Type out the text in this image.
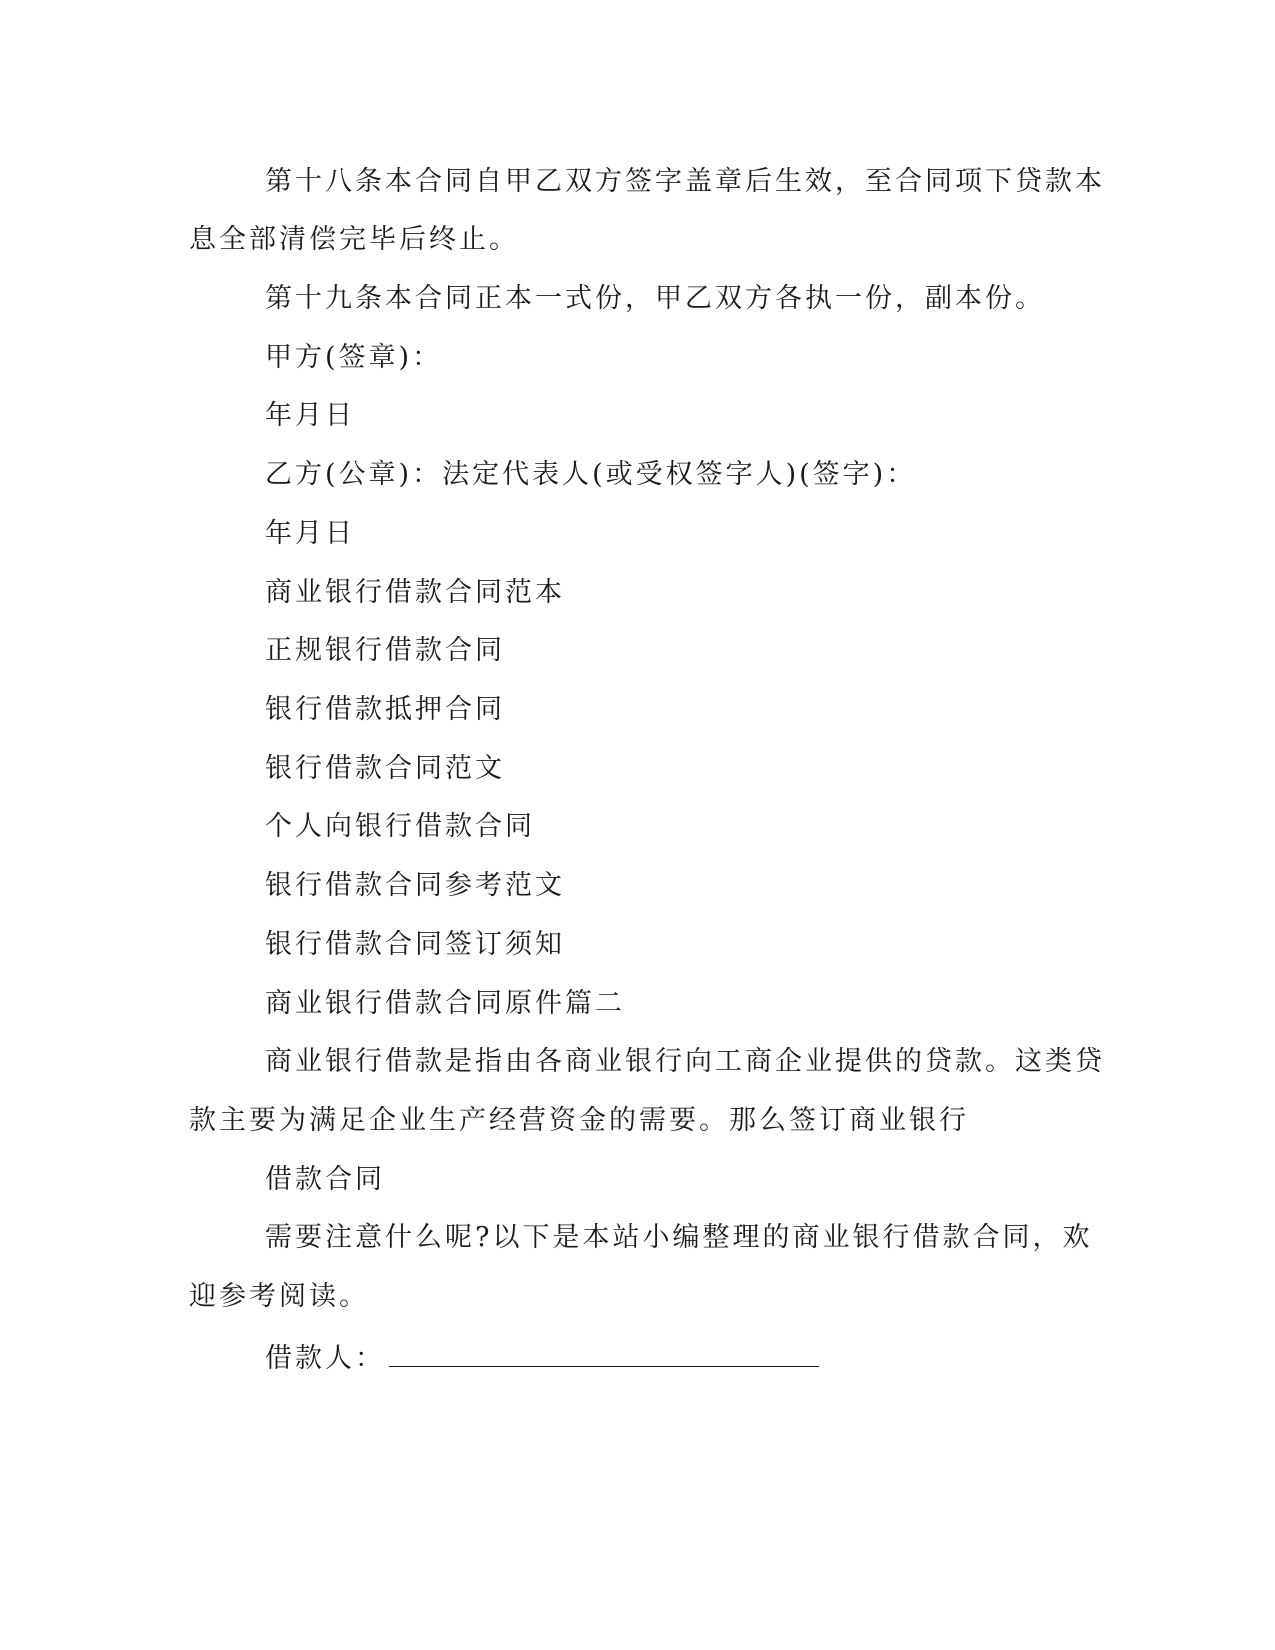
第十八条本合同自甲乙双方签字盖章后生效，至合同项下贷款本

息全部清偿完毕后终止。

第十九条本合同正本一式份，甲乙双方各执一份，副本份。

甲方(签章)：

年月日

乙方(公章)：法定代表人(或受权签字人)(签字)：

年月日

商业银行借款合同范本

正规银行借款合同

银行借款抵押合同

银行借款合同范文

个人向银行借款合同

银行借款合同参考范文

银行借款合同签订须知

商业银行借款合同原件篇二

商业银行借款是指由各商业银行向工商企业提供的贷款。这类贷

款主要为满足企业生产经营资金的需要。那么签订商业银行

借款合同

需要注意什么呢?以下是本站小编整理的商业银行借款合同，欢

迎参考阅读。

借款人：
